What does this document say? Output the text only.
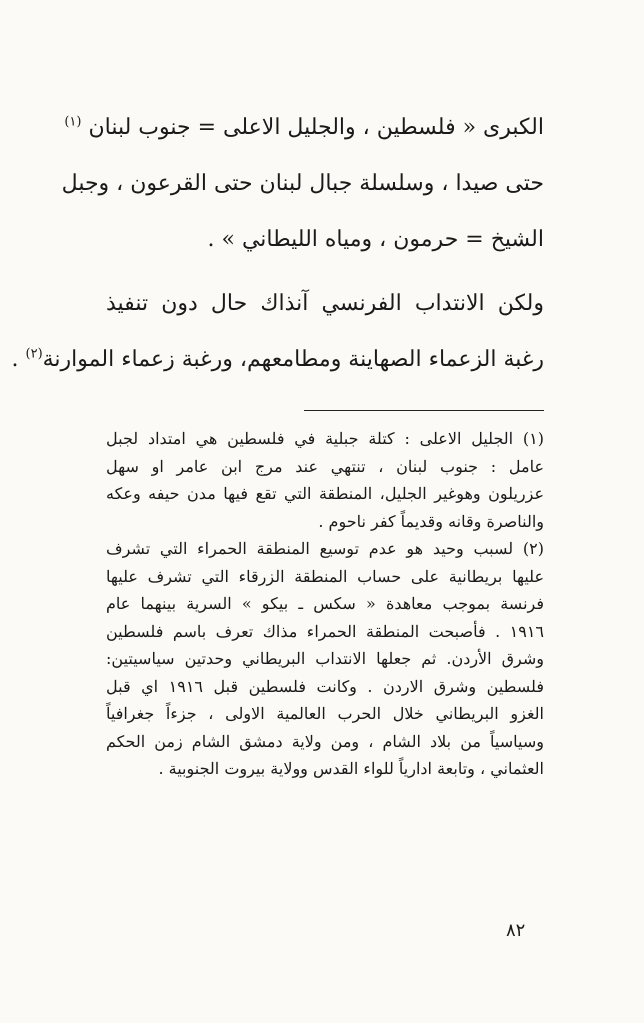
الكبرى « فلسطين ، والجليل الاعلى = جنوب لبنان $^{(١)}$

حتى صيدا ، وسلسلة جبال لبنان حتى القرعون ، وجبل

الشيخ = حرمون ، ومياه الليطاني » .

ولكن الانتداب الفرنسي آنذاك حال دون تنفيذ

رغبة الزعماء الصهاينة ومطامعهم، ورغبة زعماء الموارنة$^{(٢)}$ .

(١) الجليل الاعلى : كتلة جبلية في فلسطين هي امتداد لجبل

عامل : جنوب لبنان ، تنتهي عند مرج ابن عامر او سهل

عزريلون وهوغير الجليل، المنطقة التي تقع فيها مدن حيفه وعكه

والناصرة وقانه وقديماً كفر ناحوم .

(٢) لسبب وحيد هو عدم توسيع المنطقة الحمراء التي تشرف

عليها بريطانية على حساب المنطقة الزرقاء التي تشرف عليها

فرنسة بموجب معاهدة « سكس ـ بيكو » السرية بينهما عام

١٩١٦ . فأصبحت المنطقة الحمراء مذاك تعرف باسم فلسطين

وشرق الأردن. ثم جعلها الانتداب البريطاني وحدتين سياسيتين:

فلسطين وشرق الاردن . وكانت فلسطين قبل ١٩١٦ اي قبل

الغزو البريطاني خلال الحرب العالمية الاولى ، جزءاً جغرافياً

وسياسياً من بلاد الشام ، ومن ولاية دمشق الشام زمن الحكم

العثماني ، وتابعة ادارياً للواء القدس وولاية بيروت الجنوبية .

٨٢
